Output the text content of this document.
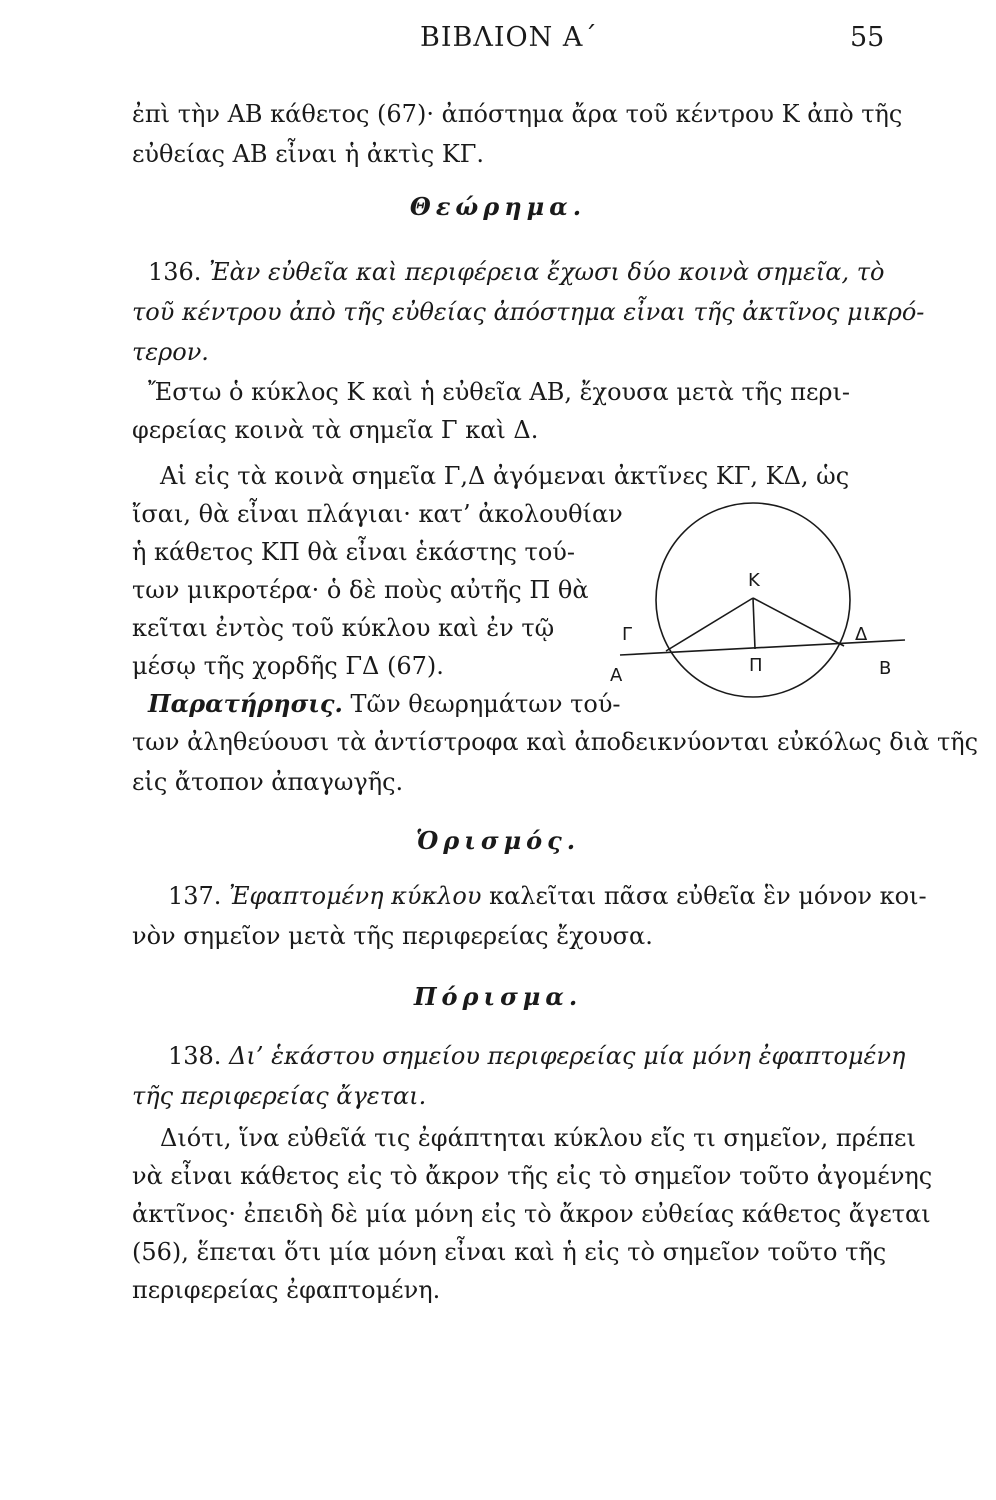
ΒΙΒΛΙΟΝ Α΄	55
ἐπὶ τὴν ΑΒ κάθετος (67)· ἀπόστημα ἄρα τοῦ κέντρου Κ ἀπὸ τῆς
εὐθείας ΑΒ εἶναι ἡ ἀκτὶς ΚΓ.
Θεώρημα.
136. Ἐὰν εὐθεῖα καὶ περιφέρεια ἔχωσι δύο κοινὰ σημεῖα, τὸ
τοῦ κέντρου ἀπὸ τῆς εὐθείας ἀπόστημα εἶναι τῆς ἀκτῖνος μικρό-
τερον.
Ἔστω ὁ κύκλος Κ καὶ ἡ εὐθεῖα ΑΒ, ἔχουσα μετὰ τῆς περι-
φερείας κοινὰ τὰ σημεῖα Γ καὶ Δ.
Αἱ εἰς τὰ κοινὰ σημεῖα Γ,Δ ἀγόμεναι ἀκτῖνες ΚΓ, ΚΔ, ὡς
ἴσαι, θὰ εἶναι πλάγιαι· κατ’ ἀκολουθίαν
ἡ κάθετος ΚΠ θὰ εἶναι ἑκάστης τού-
των μικροτέρα· ὁ δὲ ποὺς αὐτῆς Π θὰ
κεῖται ἐντὸς τοῦ κύκλου καὶ ἐν τῷ
μέσῳ τῆς χορδῆς ΓΔ (67).
Παρατήρησις. Τῶν θεωρημάτων τού-
των ἀληθεύουσι τὰ ἀντίστροφα καὶ ἀποδεικνύονται εὐκόλως διὰ τῆς
εἰς ἄτοπον ἀπαγωγῆς.
Ὁρισμός.
137. Ἐφαπτομένη κύκλου καλεῖται πᾶσα εὐθεῖα ἓν μόνον κοι-
νὸν σημεῖον μετὰ τῆς περιφερείας ἔχουσα.
Πόρισμα.
138. Δι’ ἑκάστου σημείου περιφερείας μία μόνη ἐφαπτομένη
τῆς περιφερείας ἄγεται.
Διότι, ἵνα εὐθεῖά τις ἐφάπτηται κύκλου εἴς τι σημεῖον, πρέπει
νὰ εἶναι κάθετος εἰς τὸ ἄκρον τῆς εἰς τὸ σημεῖον τοῦτο ἀγομένης
ἀκτῖνος· ἐπειδὴ δὲ μία μόνη εἰς τὸ ἄκρον εὐθείας κάθετος ἄγεται
(56), ἕπεται ὅτι μία μόνη εἶναι καὶ ἡ εἰς τὸ σημεῖον τοῦτο τῆς
περιφερείας ἐφαπτομένη.
K
Γ	Δ
Α	Π	B
